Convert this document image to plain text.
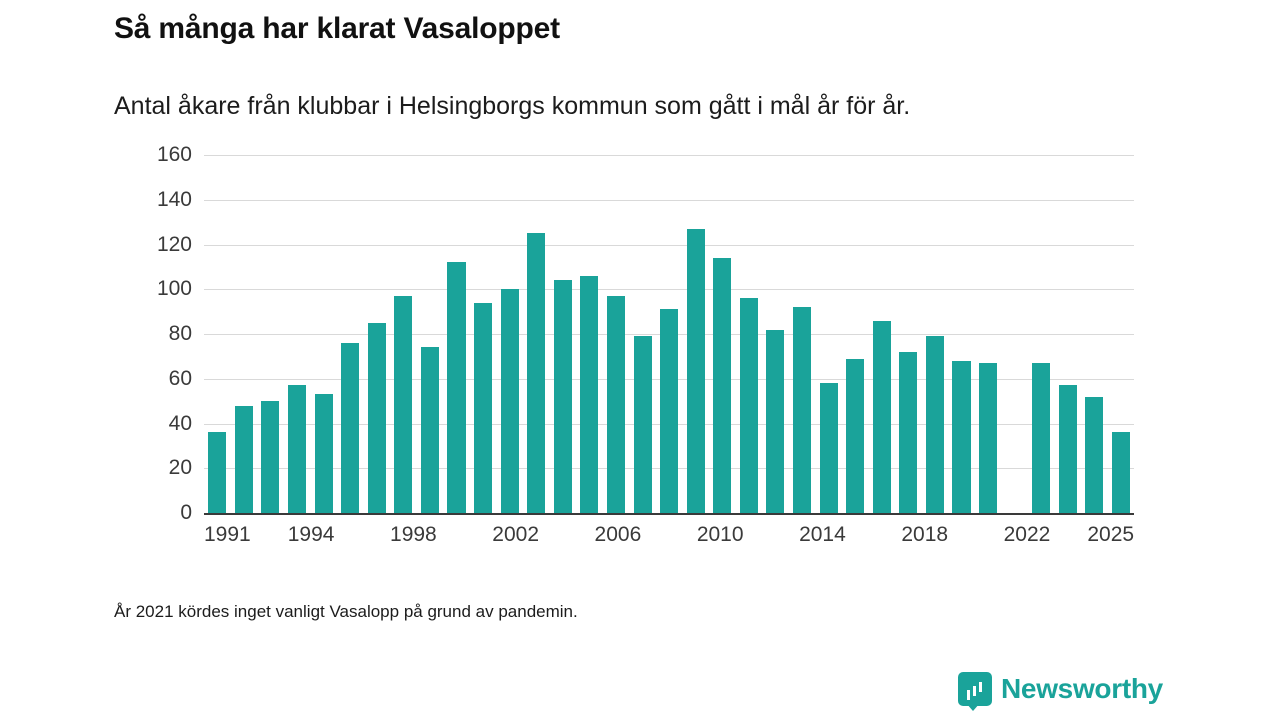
Så många har klarat Vasaloppet
Antal åkare från klubbar i Helsingborgs kommun som gått i mål år för år.
0
20
40
60
80
100
120
140
160
1991 1994	1998	2002	2006	2010	2014	2018	2022 2025
År 2021 kördes inget vanligt Vasalopp på grund av pandemin.
Newsworthy
